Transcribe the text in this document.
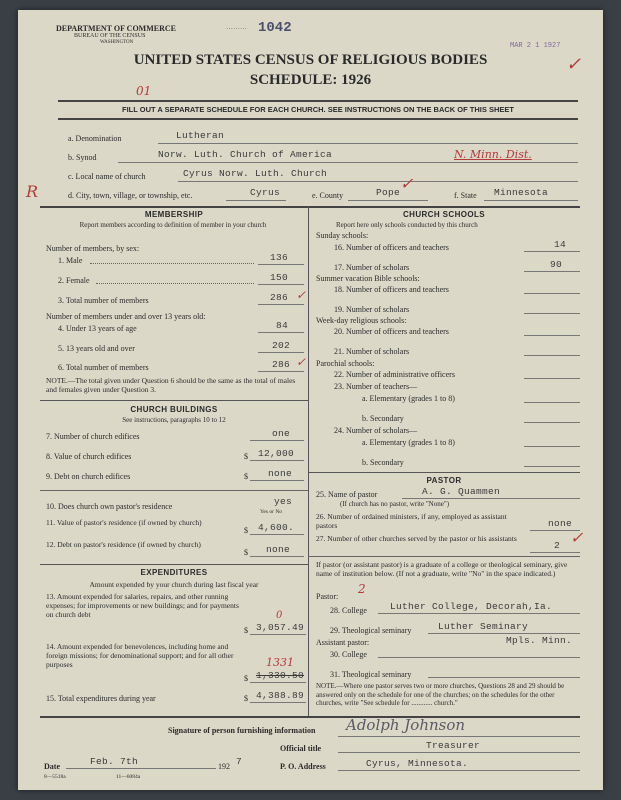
DEPARTMENT OF COMMERCE
BUREAU OF THE CENSUS
WASHINGTON
……… 1042
MAR 2 1 1927
✓
UNITED STATES CENSUS OF RELIGIOUS BODIES
SCHEDULE: 1926
01
FILL OUT A SEPARATE SCHEDULE FOR EACH CHURCH. SEE INSTRUCTIONS ON THE BACK OF THIS SHEET
a. Denomination	Lutheran
b. Synod	Norw. Luth. Church of America	N. Minn. Dist.
c. Local name of church	Cyrus Norw. Luth. Church
R	d. City, town, village, or township, etc.	Cyrus	e. County	Pope ✓
f. State Minnesota
MEMBERSHIP
Report members according to definition of member in your church
Number of members, by sex:
1. Male	136
2. Female	150
3. Total number of members	286 ✓
Number of members under and over 13 years old:
4. Under 13 years of age	84
5. 13 years old and over	202
6. Total number of members	286 ✓
NOTE.—The total given under Question 6 should be the same as the total of males and females given under Question 3.
CHURCH BUILDINGS
See instructions, paragraphs 10 to 12
7. Number of church edifices	one
8. Value of church edifices	$ 12,000
9. Debt on church edifices	$ none
10. Does church own pastor's residence	yes
Yes or No
11. Value of pastor's residence (if owned by church)
$ 4,600.
12. Debt on pastor's residence (if owned by church)
$ none
EXPENDITURES
Amount expended by your church during last fiscal year
13. Amount expended for salaries, repairs, and other running expenses; for improvements or new buildings; and for payments on church debt	0
$ 3,057.49
14. Amount expended for benevolences, including home and foreign missions; for denominational support; and for all other purposes	1331
$ 1,330.50
15. Total expenditures during year	$ 4,388.89
CHURCH SCHOOLS
Report here only schools conducted by this church
Sunday schools:
16. Number of officers and teachers	14
17. Number of scholars	90
Summer vacation Bible schools:
18. Number of officers and teachers
19. Number of scholars
Week-day religious schools:
20. Number of officers and teachers
21. Number of scholars
Parochial schools:
22. Number of administrative officers
23. Number of teachers—
a. Elementary (grades 1 to 8)
b. Secondary
24. Number of scholars—
a. Elementary (grades 1 to 8)
b. Secondary
PASTOR
25. Name of pastor	A. G. Quammen
(If church has no pastor, write "None")
26. Number of ordained ministers, if any, employed as assistant pastors	none
27. Number of other churches served by the pastor or his assistants
2 ✓
If pastor (or assistant pastor) is a graduate of a college or theological seminary, give name of institution below. (If not a graduate, write "No" in the space indicated.)
Pastor:
2
28. College Luther College, Decorah,Ia.
29. Theological seminary	Luther Seminary
Assistant pastor:	Mpls. Minn.
30. College
31. Theological seminary
NOTE.—Where one pastor serves two or more churches, Questions 28 and 29 should be answered only on the schedule for one of the churches; on the schedules for the other churches, write "See schedule for ............ church."
Signature of person furnishing information Adolph Johnson
Official title	Treasurer
Date	Feb. 7th	192 7	P. O. Address	Cyrus, Minnesota.
8—5518a	11—6084a
